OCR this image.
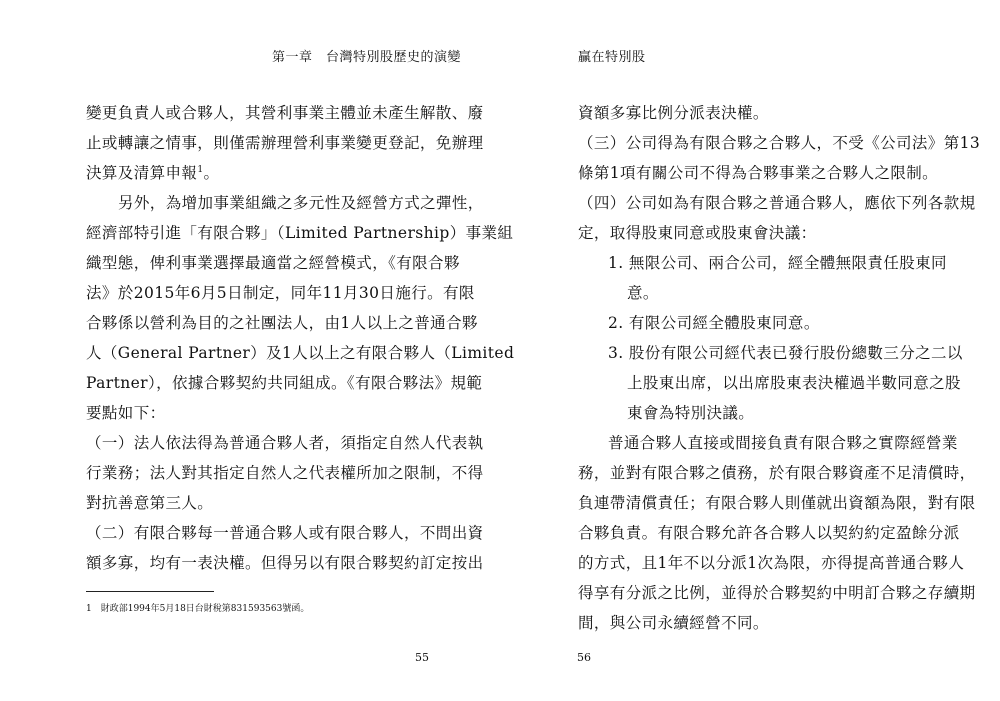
第一章　台灣特別股歷史的演變
變更負責人或合夥人，其營利事業主體並未產生解散、廢
止或轉讓之情事，則僅需辦理營利事業變更登記，免辦理
決算及清算申報$^1$。
另外，為增加事業組織之多元性及經營方式之彈性，
經濟部特引進「有限合夥」（Limited Partnership）事業組
織型態，俾利事業選擇最適當之經營模式，《有限合夥
法》於2015年6月5日制定，同年11月30日施行。有限
合夥係以營利為目的之社團法人，由1人以上之普通合夥
人（General Partner）及1人以上之有限合夥人（Limited
Partner），依據合夥契約共同組成。《有限合夥法》規範
要點如下：
（一）法人依法得為普通合夥人者，須指定自然人代表執
行業務；法人對其指定自然人之代表權所加之限制，不得
對抗善意第三人。
（二）有限合夥每一普通合夥人或有限合夥人，不問出資
額多寡，均有一表決權。但得另以有限合夥契約訂定按出
1　財政部1994年5月18日台財稅第831593563號函。
55
贏在特別股
資額多寡比例分派表決權。
（三）公司得為有限合夥之合夥人，不受《公司法》第13
條第1項有關公司不得為合夥事業之合夥人之限制。
（四）公司如為有限合夥之普通合夥人，應依下列各款規
定，取得股東同意或股東會決議：
1. 無限公司、兩合公司，經全體無限責任股東同
意。
2. 有限公司經全體股東同意。
3. 股份有限公司經代表已發行股份總數三分之二以
上股東出席，以出席股東表決權過半數同意之股
東會為特別決議。
普通合夥人直接或間接負責有限合夥之實際經營業
務，並對有限合夥之債務，於有限合夥資產不足清償時，
負連帶清償責任；有限合夥人則僅就出資額為限，對有限
合夥負責。有限合夥允許各合夥人以契約約定盈餘分派
的方式，且1年不以分派1次為限，亦得提高普通合夥人
得享有分派之比例，並得於合夥契約中明訂合夥之存續期
間，與公司永續經營不同。
56
